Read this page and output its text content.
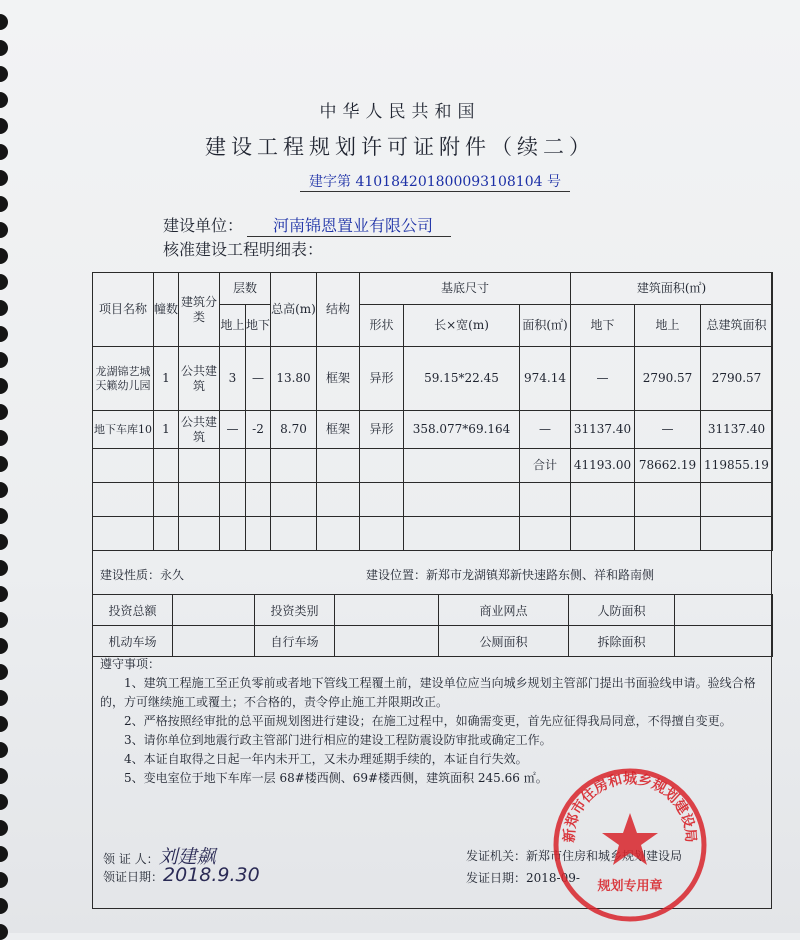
中华人民共和国
建设工程规划许可证附件（续二）
建字第 410184201800093108104 号
建设单位： 河南锦恩置业有限公司
核准建设工程明细表：
项目名称	幢数	建筑分类	层数		总高(m)	结构	基底尺寸			建筑面积(㎡)		
			地上	地下			形状	长×宽(m)	面积(㎡)	地下	地上	总建筑面积
龙湖锦艺城天籁幼儿园	1	公共建筑	3	—	13.80	框架	异形	59.15*22.45	974.14	—	2790.57	2790.57
地下车库10	1	公共建筑	—	-2	8.70	框架	异形	358.077*69.164	—	31137.40	—	31137.40
									合计	41193.00	78662.19	119855.19

建设性质：永久	建设位置：新郑市龙湖镇郑新快速路东侧、祥和路南侧
投资总额		投资类别		商业网点	人防面积	
机动车场		自行车场		公厕面积	拆除面积	

遵守事项：

1、建筑工程施工至正负零前或者地下管线工程覆土前，建设单位应当向城乡规划主管部门提出书面验线申请。验线合格的，方可继续施工或覆土；不合格的，责令停止施工并限期改正。

2、严格按照经审批的总平面规划图进行建设；在施工过程中，如确需变更，首先应征得我局同意，不得擅自变更。

3、请你单位到地震行政主管部门进行相应的建设工程防震设防审批或确定工作。

4、本证自取得之日起一年内未开工，又未办理延期手续的，本证自行失效。

5、变电室位于地下车库一层 68#楼西侧、69#楼西侧，建筑面积 245.66 ㎡。

领 证 人：刘建飙
领证日期：2018.9.30
发证机关：新郑市住房和城乡规划建设局
发证日期：2018-09-
新郑市住房和城乡规划建设局
规划专用章
